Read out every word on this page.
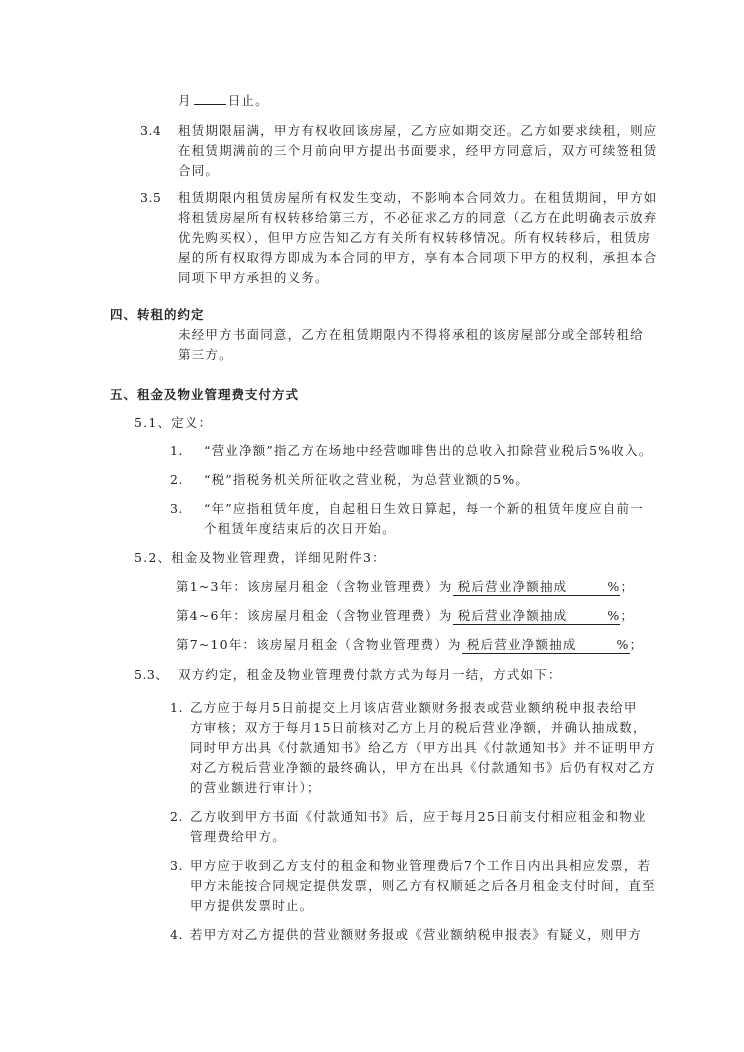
月	日止。
3.4 租赁期限届满，甲方有权收回该房屋，乙方应如期交还。乙方如要求续租，则应
在租赁期满前的三个月前向甲方提出书面要求，经甲方同意后，双方可续签租赁
合同。
3.5 租赁期限内租赁房屋所有权发生变动，不影响本合同效力。在租赁期间，甲方如
将租赁房屋所有权转移给第三方，不必征求乙方的同意（乙方在此明确表示放弃
优先购买权），但甲方应告知乙方有关所有权转移情况。所有权转移后，租赁房
屋的所有权取得方即成为本合同的甲方，享有本合同项下甲方的权利，承担本合
同项下甲方承担的义务。
四、转租的约定
未经甲方书面同意，乙方在租赁期限内不得将承租的该房屋部分或全部转租给
第三方。
五、租金及物业管理费支付方式
5.1、定义：
1. “营业净额”指乙方在场地中经营咖啡售出的总收入扣除营业税后5%收入。
2. “税”指税务机关所征收之营业税，为总营业额的5%。
3. “年”应指租赁年度，自起租日生效日算起，每一个新的租赁年度应自前一
个租赁年度结束后的次日开始。
5.2、租金及物业管理费，详细见附件3：
第1~3年：该房屋月租金（含物业管理费）为 税后营业净额抽成	%；
第4~6年：该房屋月租金（含物业管理费）为 税后营业净额抽成	%；
第7~10年：该房屋月租金（含物业管理费）为 税后营业净额抽成	%；
5.3、 双方约定，租金及物业管理费付款方式为每月一结，方式如下：
1. 乙方应于每月5日前提交上月该店营业额财务报表或营业额纳税申报表给甲
方审核；双方于每月15日前核对乙方上月的税后营业净额，并确认抽成数，
同时甲方出具《付款通知书》给乙方（甲方出具《付款通知书》并不证明甲方
对乙方税后营业净额的最终确认，甲方在出具《付款通知书》后仍有权对乙方
的营业额进行审计）；
2. 乙方收到甲方书面《付款通知书》后，应于每月25日前支付相应租金和物业
管理费给甲方。
3. 甲方应于收到乙方支付的租金和物业管理费后7个工作日内出具相应发票，若
甲方未能按合同规定提供发票，则乙方有权顺延之后各月租金支付时间，直至
甲方提供发票时止。
4. 若甲方对乙方提供的营业额财务报或《营业额纳税申报表》有疑义，则甲方
